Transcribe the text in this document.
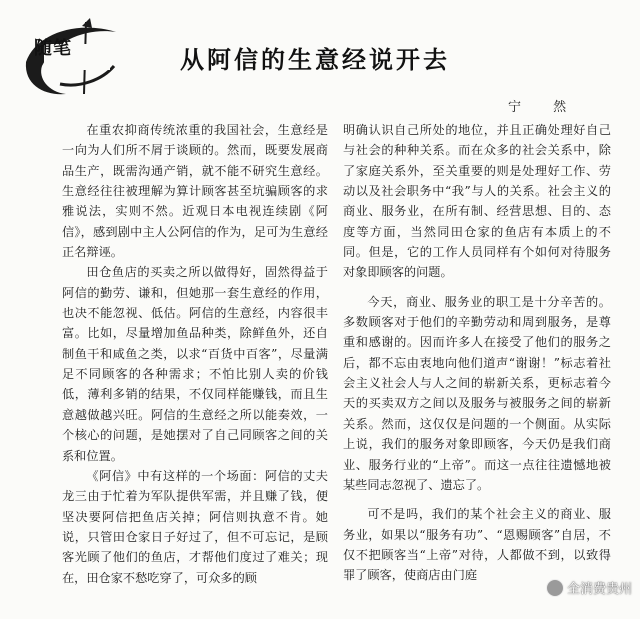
随笔	从阿信的生意经说开去
宁 然

在重农抑商传统浓重的我国社会，生意经是一向为人们所不屑于谈顾的。然而，既要发展商品生产，既需沟通产销，就不能不研究生意经。生意经往往被理解为算计顾客甚至坑骗顾客的求雅说法，实则不然。近观日本电视连续剧《阿信》，感到剧中主人公阿信的作为，足可为生意经正名辩诬。

田仓鱼店的买卖之所以做得好，固然得益于阿信的勤劳、谦和，但她那一套生意经的作用，也决不能忽视、低估。阿信的生意经，内容很丰富。比如，尽量增加鱼品种类，除鲜鱼外，还自制鱼干和咸鱼之类，以求“百货中百客”，尽量满足不同顾客的各种需求；不怕比别人卖的价钱低，薄利多销的结果，不仅同样能赚钱，而且生意越做越兴旺。阿信的生意经之所以能奏效，一个核心的问题，是她摆对了自己同顾客之间的关系和位置。

《阿信》中有这样的一个场面：阿信的丈夫龙三由于忙着为军队提供军需，并且赚了钱，便坚决要阿信把鱼店关掉；阿信则执意不肯。她说，只管田仓家日子好过了，但不可忘记，是顾客光顾了他们的鱼店，才帮他们度过了难关；现在，田仓家不愁吃穿了，可众多的顾

明确认识自己所处的地位，并且正确处理好自己与社会的种种关系。而在众多的社会关系中，除了家庭关系外，至关重要的则是处理好工作、劳动以及社会职务中“我”与人的关系。社会主义的商业、服务业，在所有制、经营思想、目的、态度等方面，当然同田仓家的鱼店有本质上的不同。但是，它的工作人员同样有个如何对待服务对象即顾客的问题。

今天，商业、服务业的职工是十分辛苦的。多数顾客对于他们的辛勤劳动和周到服务，是尊重和感谢的。因而许多人在接受了他们的服务之后，都不忘由衷地向他们道声“谢谢！”标志着社会主义社会人与人之间的崭新关系，更标志着今天的买卖双方之间以及服务与被服务之间的崭新关系。然而，这仅仅是问题的一个侧面。从实际上说，我们的服务对象即顾客，今天仍是我们商业、服务行业的“上帝”。而这一点往往遗憾地被某些同志忽视了、遗忘了。

可不是吗，我们的某个社会主义的商业、服务业，如果以“服务有功”、“恩赐顾客”自居，不仅不把顾客当“上帝”对待，人都做不到，以致得罪了顾客，使商店由门庭

全消费贵州
